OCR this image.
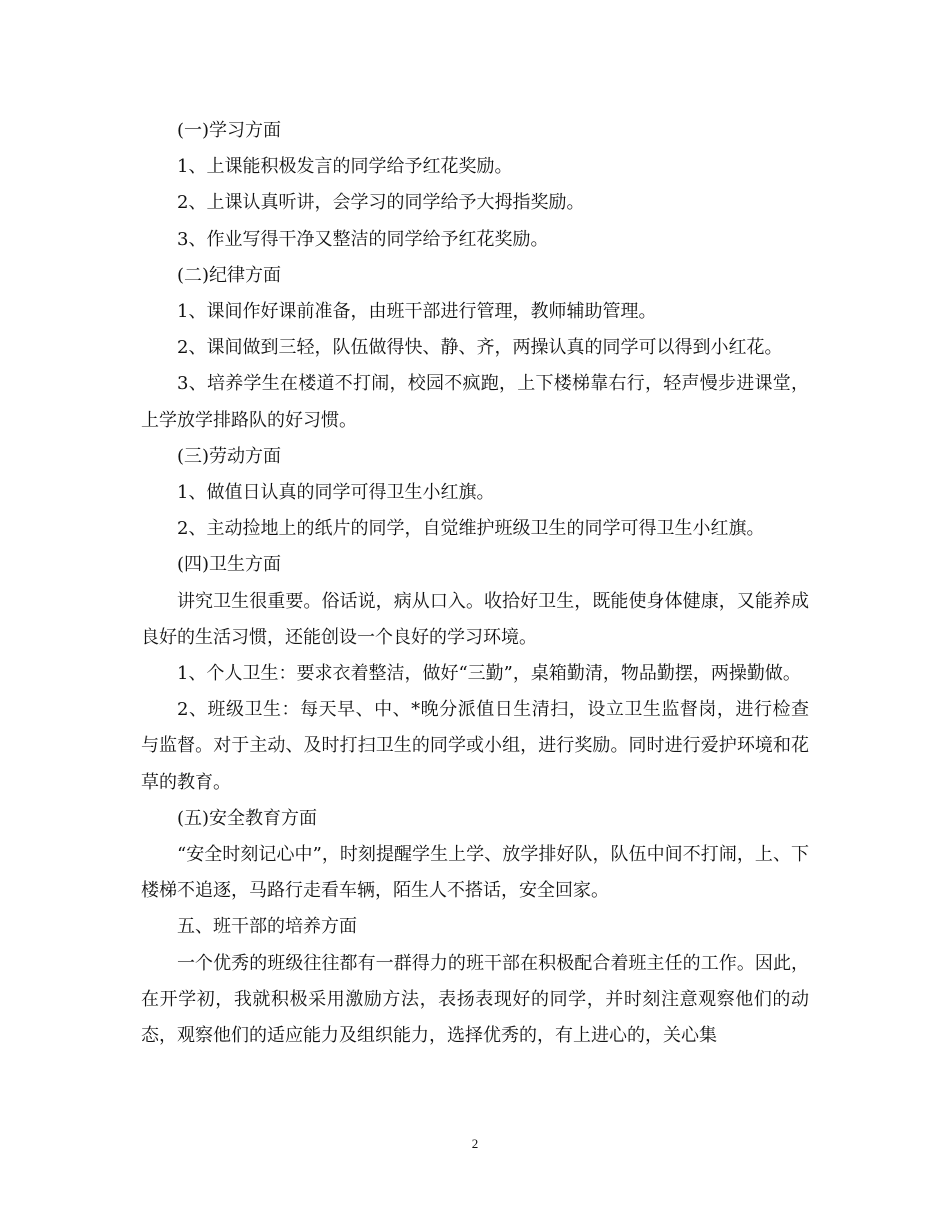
(一)学习方面

1、上课能积极发言的同学给予红花奖励。

2、上课认真听讲，会学习的同学给予大拇指奖励。

3、作业写得干净又整洁的同学给予红花奖励。

(二)纪律方面

1、课间作好课前准备，由班干部进行管理，教师辅助管理。

2、课间做到三轻，队伍做得快、静、齐，两操认真的同学可以得到小红花。

3、培养学生在楼道不打闹，校园不疯跑，上下楼梯靠右行，轻声慢步进课堂，上学放学排路队的好习惯。

(三)劳动方面

1、做值日认真的同学可得卫生小红旗。

2、主动捡地上的纸片的同学，自觉维护班级卫生的同学可得卫生小红旗。

(四)卫生方面

讲究卫生很重要。俗话说，病从口入。收拾好卫生，既能使身体健康，又能养成良好的生活习惯，还能创设一个良好的学习环境。

1、个人卫生：要求衣着整洁，做好“三勤”，桌箱勤清，物品勤摆，两操勤做。

2、班级卫生：每天早、中、*晚分派值日生清扫，设立卫生监督岗，进行检查与监督。对于主动、及时打扫卫生的同学或小组，进行奖励。同时进行爱护环境和花草的教育。

(五)安全教育方面

“安全时刻记心中”，时刻提醒学生上学、放学排好队，队伍中间不打闹，上、下楼梯不追逐，马路行走看车辆，陌生人不搭话，安全回家。

五、班干部的培养方面

一个优秀的班级往往都有一群得力的班干部在积极配合着班主任的工作。因此，在开学初，我就积极采用激励方法，表扬表现好的同学，并时刻注意观察他们的动态，观察他们的适应能力及组织能力，选择优秀的，有上进心的，关心集

2
